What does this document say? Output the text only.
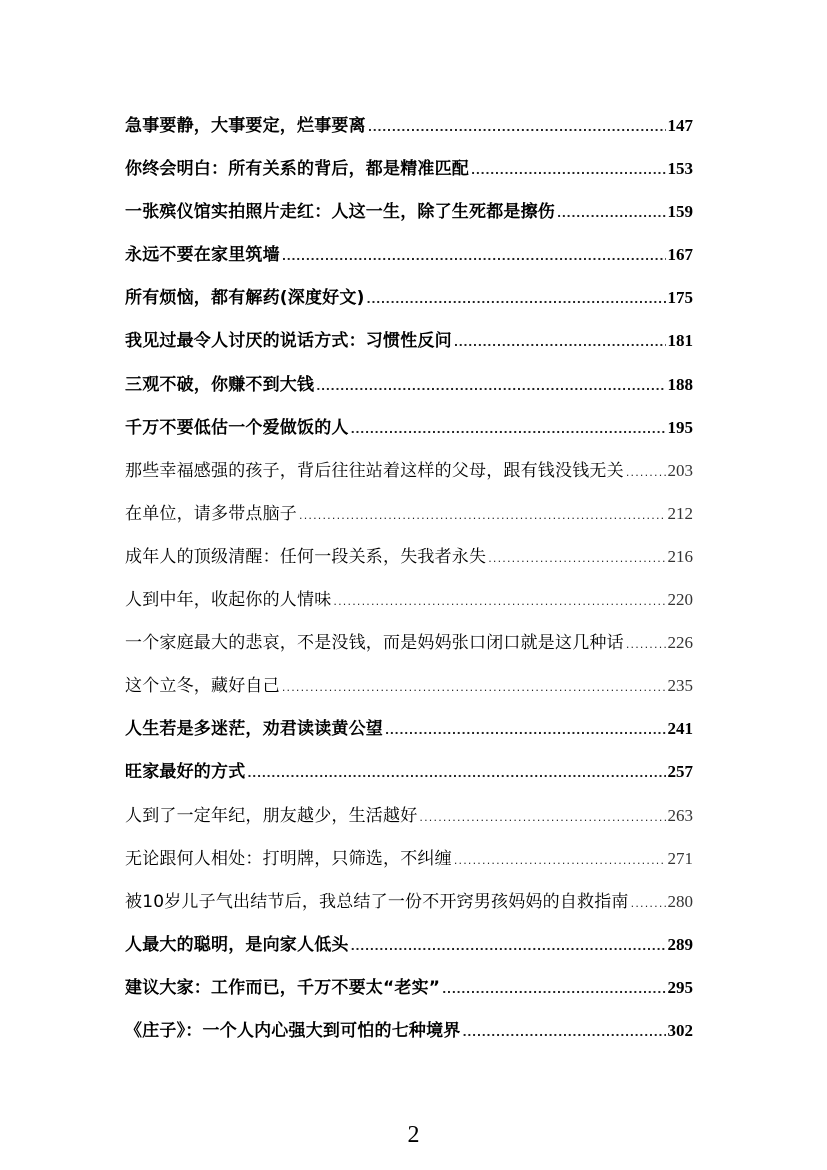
急事要静，大事要定，烂事要离 .....	147
你终会明白：所有关系的背后，都是精准匹配 .....	153
一张殡仪馆实拍照片走红：人这一生，除了生死都是擦伤 .....	159
永远不要在家里筑墙 .....	167
所有烦恼，都有解药(深度好文) .....	175
我见过最令人讨厌的说话方式：习惯性反问 .....	181
三观不破，你赚不到大钱 .....	188
千万不要低估一个爱做饭的人 .....	195
那些幸福感强的孩子，背后往往站着这样的父母，跟有钱没钱无关 .....	203
在单位，请多带点脑子 .....	212
成年人的顶级清醒：任何一段关系，失我者永失 .....	216
人到中年，收起你的人情味 .....	220
一个家庭最大的悲哀，不是没钱，而是妈妈张口闭口就是这几种话 .....	226
这个立冬，藏好自己 .....	235
人生若是多迷茫，劝君读读黄公望 .....	241
旺家最好的方式 .....	257
人到了一定年纪，朋友越少，生活越好 .....	263
无论跟何人相处：打明牌，只筛选，不纠缠 .....	271
被10岁儿子气出结节后，我总结了一份不开窍男孩妈妈的自救指南 ..... 280
人最大的聪明，是向家人低头 .....	289
建议大家：工作而已，千万不要太“老实” .....	295
《庄子》：一个人内心强大到可怕的七种境界 .....	302
2
